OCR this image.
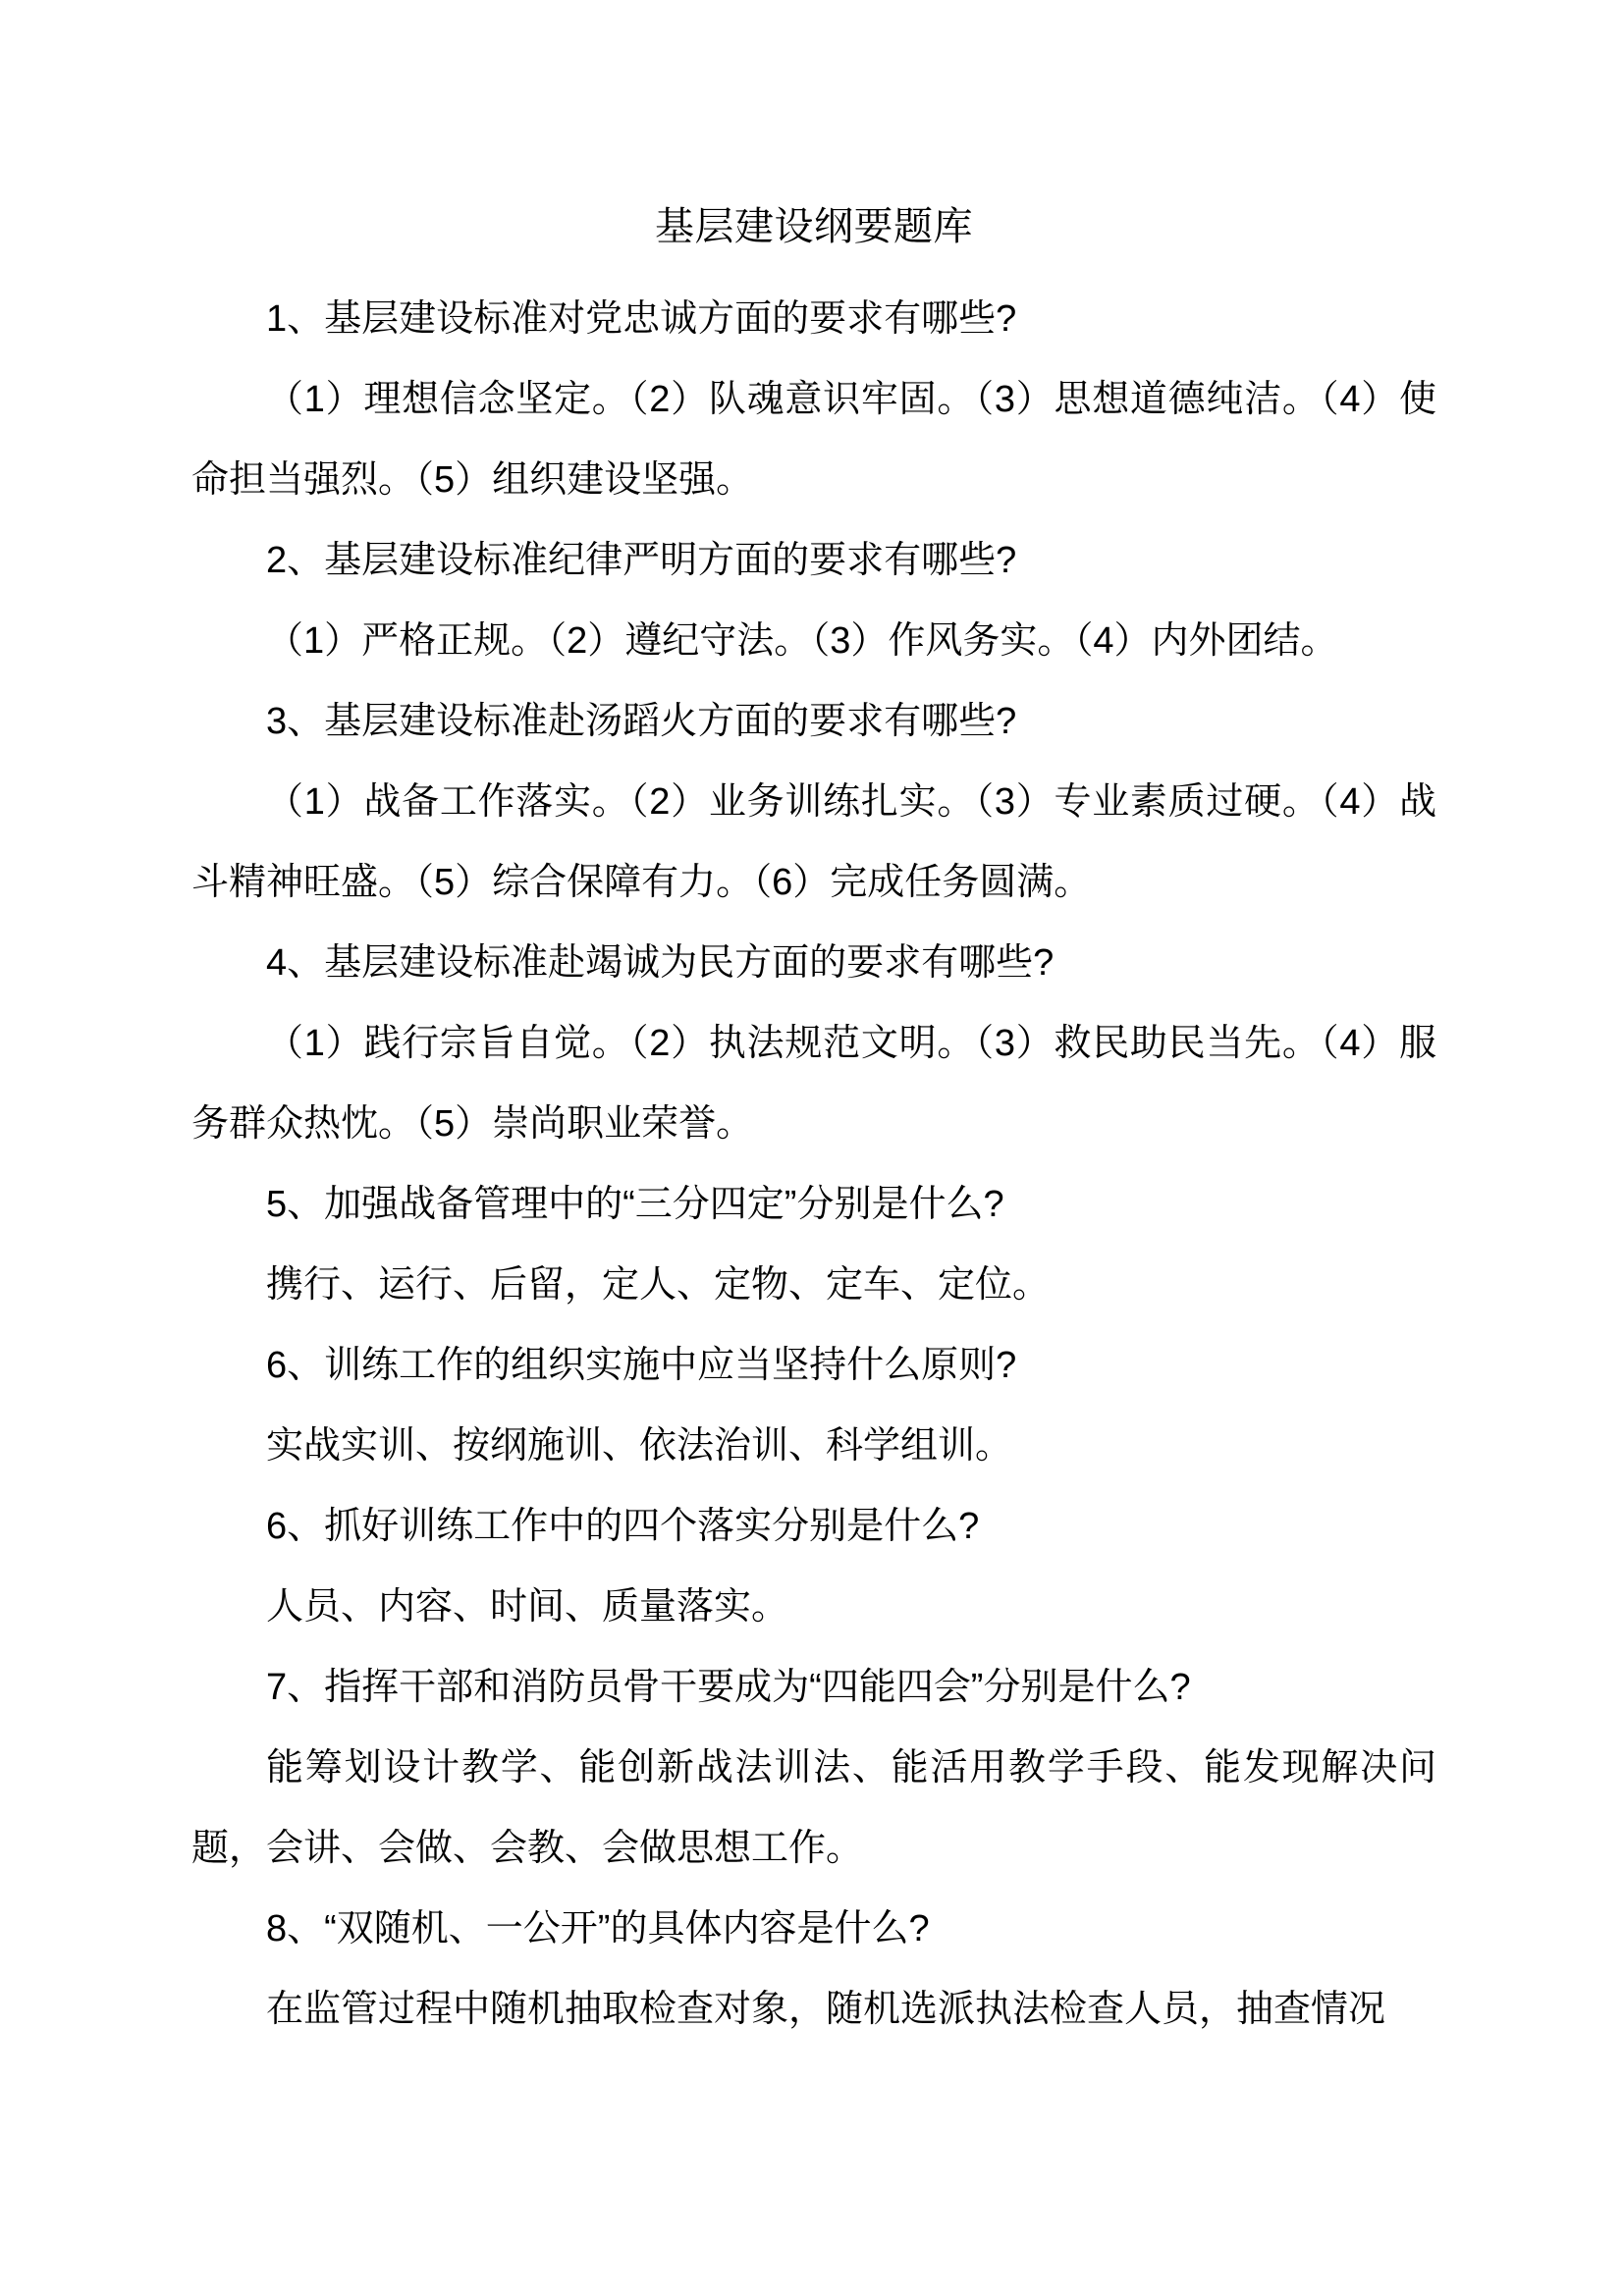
基层建设纲要题库

1、基层建设标准对党忠诚方面的要求有哪些?

（1）理想信念坚定。（2）队魂意识牢固。（3）思想道德纯洁。（4）使命担当强烈。（5）组织建设坚强。

2、基层建设标准纪律严明方面的要求有哪些?

（1）严格正规。（2）遵纪守法。（3）作风务实。（4）内外团结。

3、基层建设标准赴汤蹈火方面的要求有哪些?

（1）战备工作落实。（2）业务训练扎实。（3）专业素质过硬。（4）战斗精神旺盛。（5）综合保障有力。（6）完成任务圆满。

4、基层建设标准赴竭诚为民方面的要求有哪些?

（1）践行宗旨自觉。（2）执法规范文明。（3）救民助民当先。（4）服务群众热忱。（5）崇尚职业荣誉。

5、加强战备管理中的“三分四定”分别是什么?

携行、运行、后留，定人、定物、定车、定位。

6、训练工作的组织实施中应当坚持什么原则?

实战实训、按纲施训、依法治训、科学组训。

6、抓好训练工作中的四个落实分别是什么?

人员、内容、时间、质量落实。

7、指挥干部和消防员骨干要成为“四能四会”分别是什么?

能筹划设计教学、能创新战法训法、能活用教学手段、能发现解决问题，会讲、会做、会教、会做思想工作。

8、“双随机、一公开”的具体内容是什么?

在监管过程中随机抽取检查对象，随机选派执法检查人员，抽查情况
